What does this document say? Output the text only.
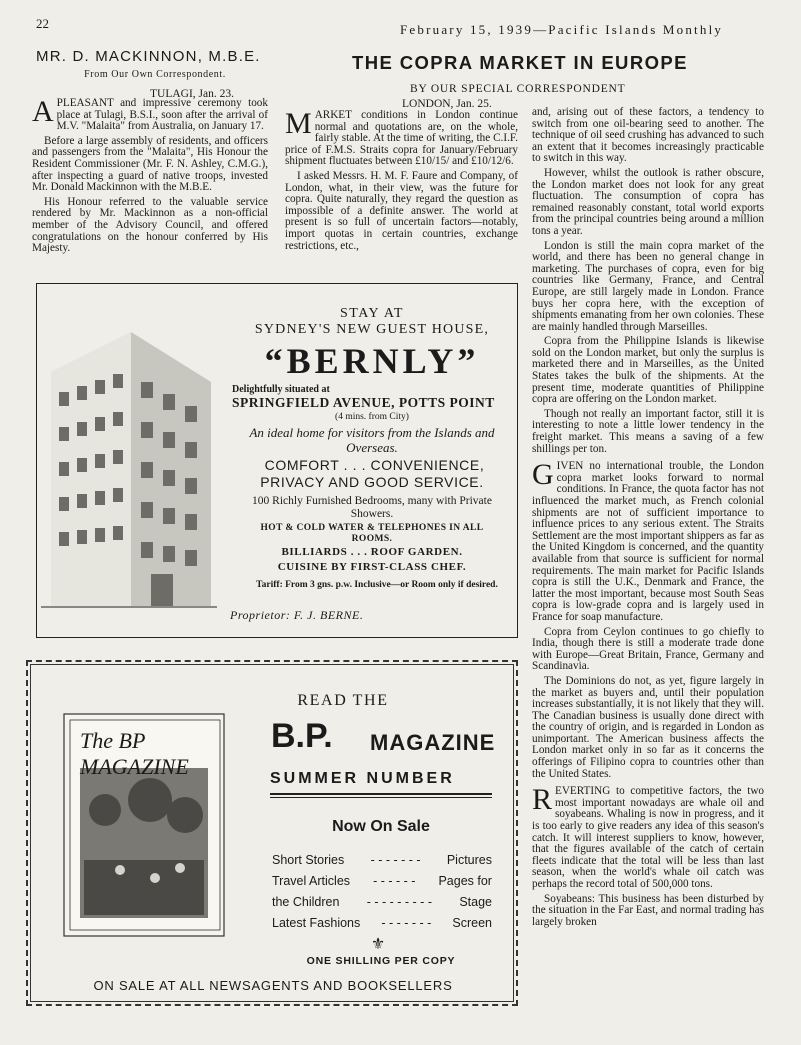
22	February 15, 1939—Pacific Islands Monthly
MR. D. MACKINNON, M.B.E.
From Our Own Correspondent.
TULAGI, Jan. 23.

APLEASANT and impressive ceremony took place at Tulagi, B.S.I., soon after the arrival of M.V. "Malaita" from Australia, on January 17.

Before a large assembly of residents, and officers and passengers from the "Malaita", His Honour the Resident Commissioner (Mr. F. N. Ashley, C.M.G.), after inspecting a guard of native troops, invested Mr. Donald Mackinnon with the M.B.E.

His Honour referred to the valuable service rendered by Mr. Mackinnon as a non-official member of the Advisory Council, and offered congratulations on the honour conferred by His Majesty.

THE COPRA MARKET IN EUROPE
BY OUR SPECIAL CORRESPONDENT
LONDON, Jan. 25.

MARKET conditions in London continue normal and quotations are, on the whole, fairly stable. At the time of writing, the C.I.F. price of F.M.S. Straits copra for January/February shipment fluctuates between £10/15/ and £10/12/6.

I asked Messrs. H. M. F. Faure and Company, of London, what, in their view, was the future for copra. Quite naturally, they regard the question as impossible of a definite answer. The world at present is so full of uncertain factors—notably, import quotas in certain countries, exchange restrictions, etc.,

and, arising out of these factors, a tendency to switch from one oil-bearing seed to another. The technique of oil seed crushing has advanced to such an extent that it becomes increasingly practicable to switch in this way.

However, whilst the outlook is rather obscure, the London market does not look for any great fluctuation. The consumption of copra has remained reasonably constant, total world exports from the principal countries being around a million tons a year.

London is still the main copra market of the world, and there has been no general change in marketing. The purchases of copra, even for big countries like Germany, France, and Central Europe, are still largely made in London. France buys her copra here, with the exception of shipments emanating from her own colonies. These are mainly handled through Marseilles.

Copra from the Philippine Islands is likewise sold on the London market, but only the surplus is marketed there and in Marseilles, as the United States takes the bulk of the shipments. At the present time, moderate quantities of Philippine copra are offering on the London market.

Though not really an important factor, still it is interesting to note a little lower tendency in the freight market. This means a saving of a few shillings per ton.

GIVEN no international trouble, the London copra market looks forward to normal conditions. In France, the quota factor has not influenced the market much, as French colonial shipments are not of sufficient importance to influence prices to any serious extent. The Straits Settlement are the most important shippers as far as the United Kingdom is concerned, and the quantity available from that source is sufficient for normal requirements. The main market for Pacific Islands copra is still the U.K., Denmark and France, the latter the most important, because most South Seas copra is low-grade copra and is largely used in France for soap manufacture.

Copra from Ceylon continues to go chiefly to India, though there is still a moderate trade done with Europe—Great Britain, France, Germany and Scandinavia.

The Dominions do not, as yet, figure largely in the market as buyers and, until their population increases substantially, it is not likely that they will. The Canadian business is usually done direct with the country of origin, and is regarded in London as unimportant. The American business affects the London market only in so far as it concerns the offerings of Filipino copra to countries other than the United States.

REVERTING to competitive factors, the two most important nowadays are whale oil and soyabeans. Whaling is now in progress, and it is too early to give readers any idea of this season's catch. It will interest suppliers to know, however, that the figures available of the catch of certain fleets indicate that the total will be less than last season, when the world's whale oil catch was perhaps the record total of 500,000 tons.

Soyabeans: This business has been disturbed by the situation in the Far East, and normal trading has largely broken

STAY AT
SYDNEY'S NEW GUEST HOUSE,
“BERNLY”
Delightfully situated at
SPRINGFIELD AVENUE, POTTS POINT
(4 mins. from City)
An ideal home for visitors from the Islands and Overseas.
COMFORT . . . CONVENIENCE,
PRIVACY AND GOOD SERVICE.
100 Richly Furnished Bedrooms, many with Private Showers.
HOT & COLD WATER & TELEPHONES IN ALL ROOMS.
BILLIARDS . . . ROOF GARDEN.
CUISINE BY FIRST-CLASS CHEF.
Tariff: From 3 gns. p.w. Inclusive—or Room only if desired.
Proprietor: F. J. BERNE.
The BP MAGAZINE
READ THE
B.P. MAGAZINE
SUMMER NUMBER
Now On Sale
Short Stories - - - - - - - Pictures
Travel Articles - - - - - - Pages for
the Children - - - - - - - - - Stage
Latest Fashions - - - - - - - Screen
⚜
ONE SHILLING PER COPY
ON SALE AT ALL NEWSAGENTS AND BOOKSELLERS
